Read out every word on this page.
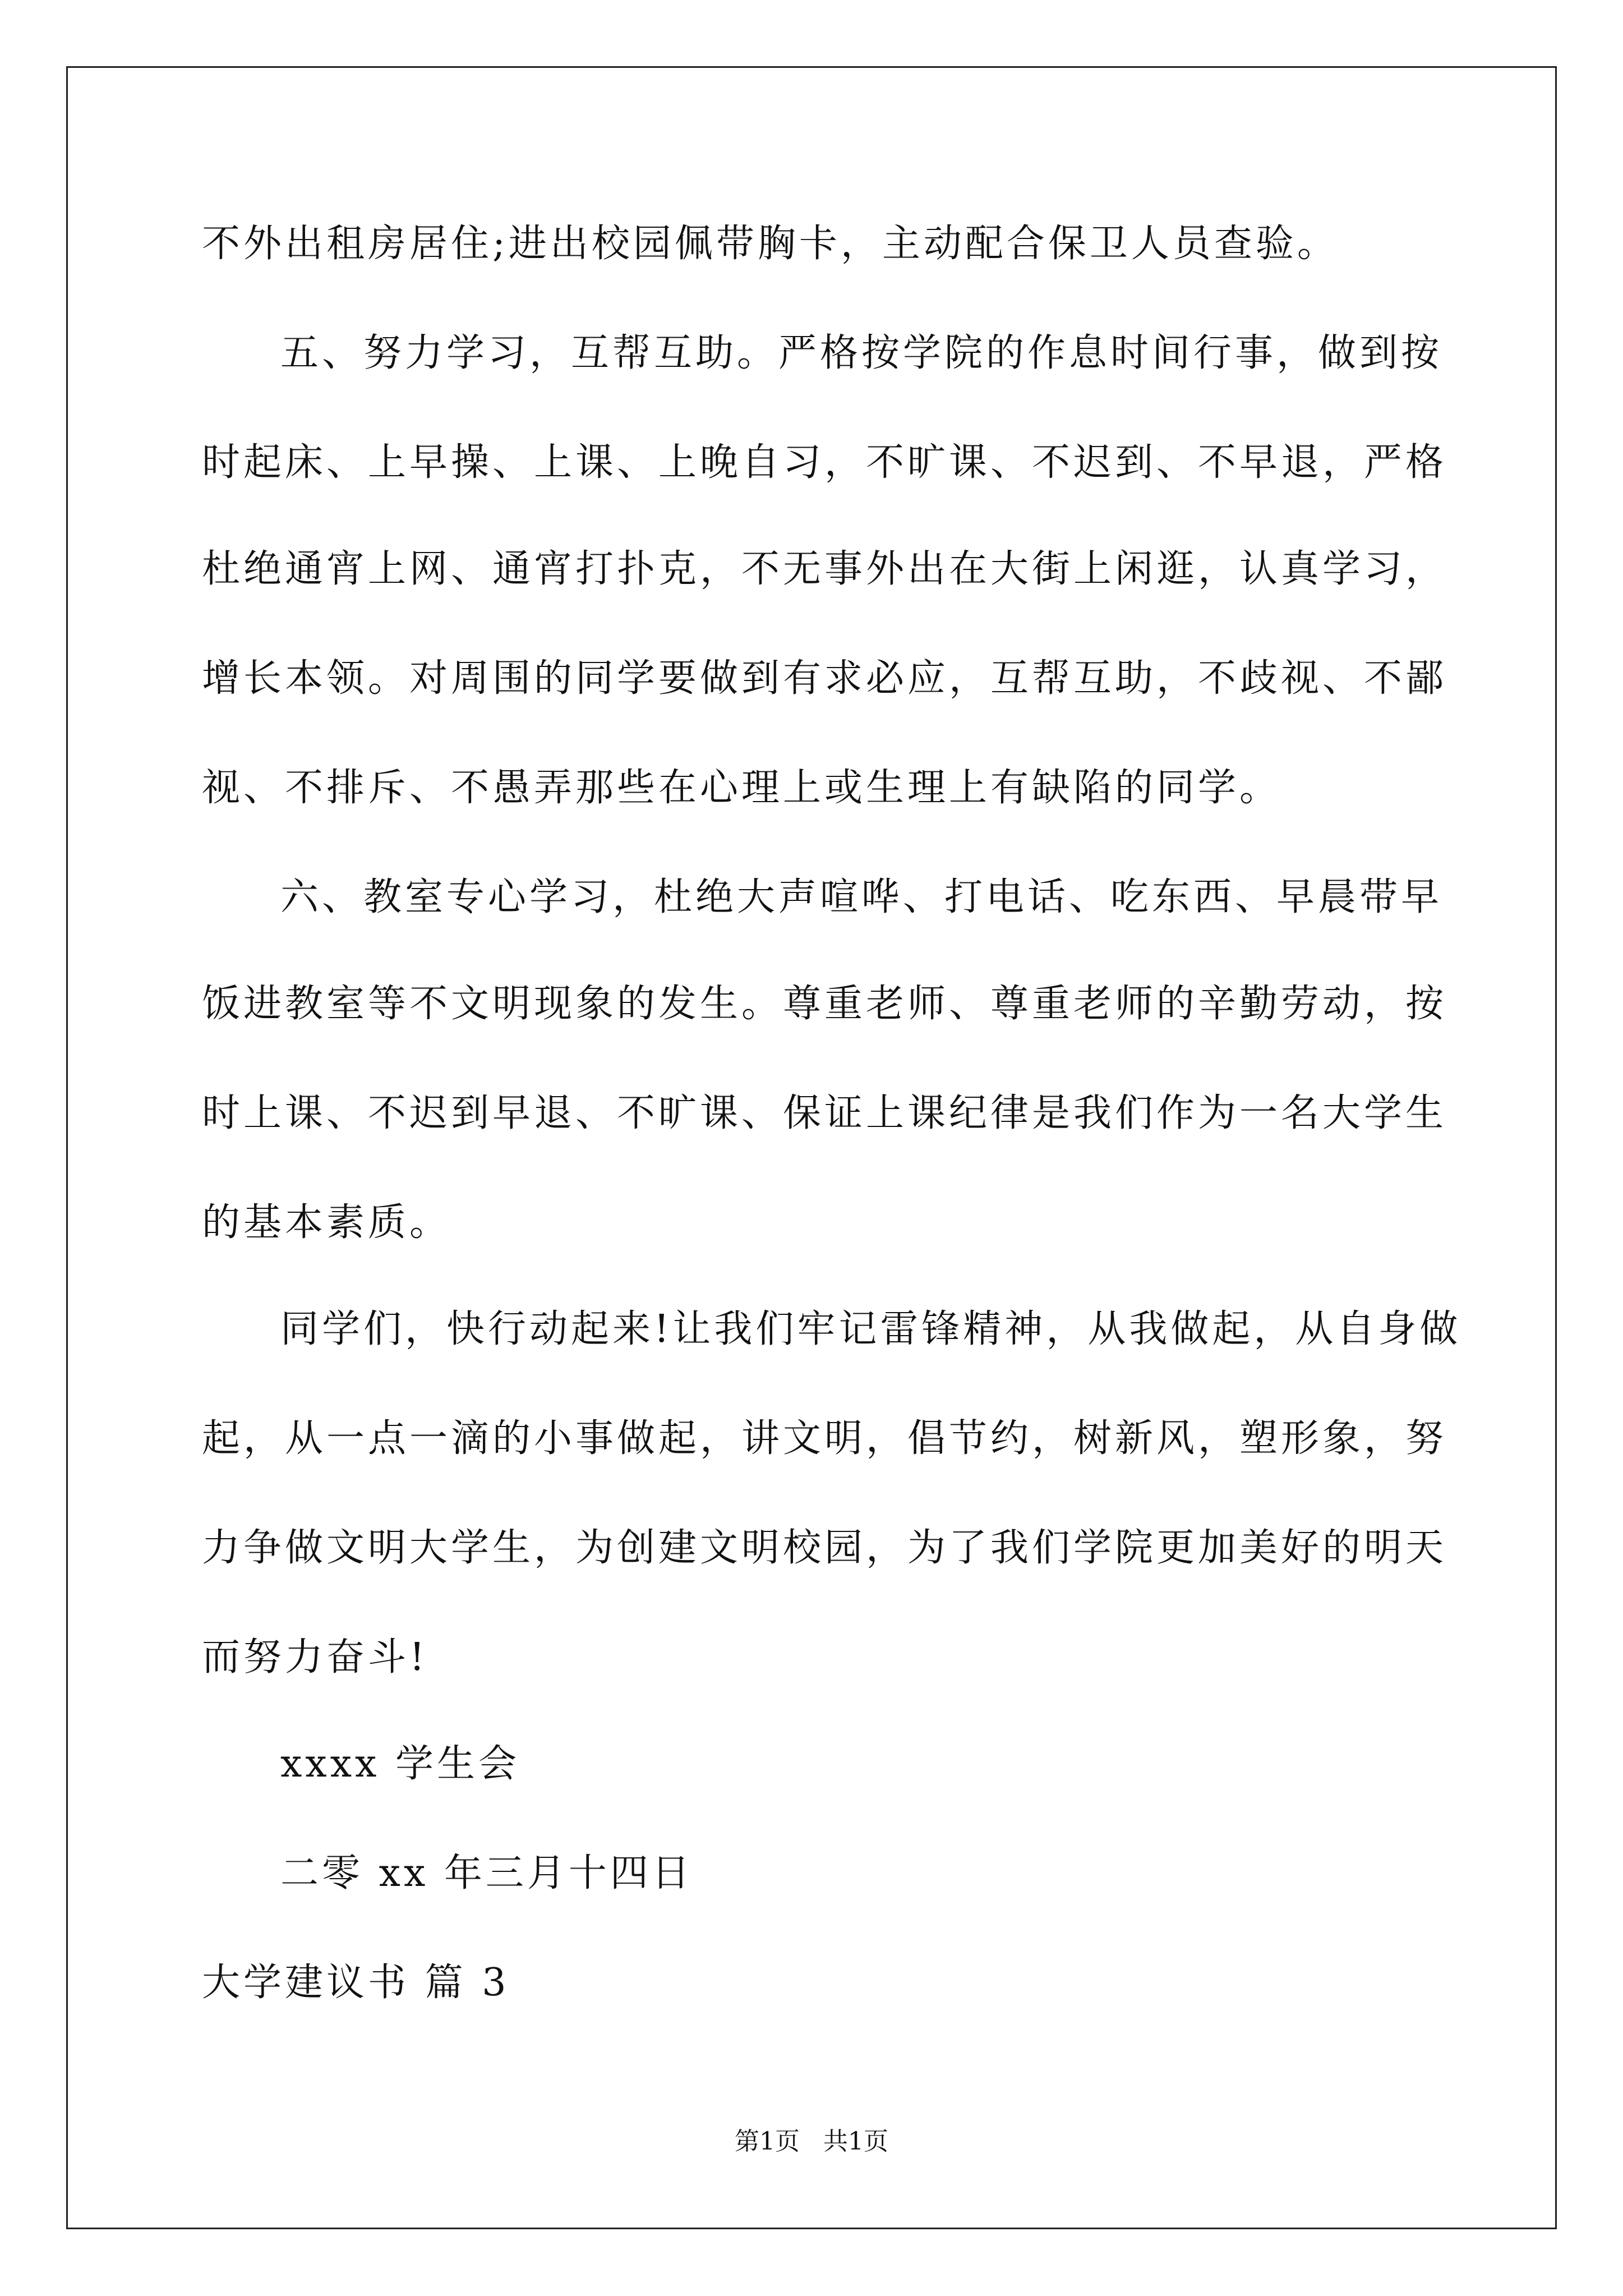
不外出租房居住;进出校园佩带胸卡，主动配合保卫人员查验。
五、努力学习，互帮互助。严格按学院的作息时间行事，做到按
时起床、上早操、上课、上晚自习，不旷课、不迟到、不早退，严格
杜绝通宵上网、通宵打扑克，不无事外出在大街上闲逛，认真学习，
增长本领。对周围的同学要做到有求必应，互帮互助，不歧视、不鄙
视、不排斥、不愚弄那些在心理上或生理上有缺陷的同学。
六、教室专心学习，杜绝大声喧哗、打电话、吃东西、早晨带早
饭进教室等不文明现象的发生。尊重老师、尊重老师的辛勤劳动，按
时上课、不迟到早退、不旷课、保证上课纪律是我们作为一名大学生
的基本素质。
同学们，快行动起来!让我们牢记雷锋精神，从我做起，从自身做
起，从一点一滴的小事做起，讲文明，倡节约，树新风，塑形象，努
力争做文明大学生，为创建文明校园，为了我们学院更加美好的明天
而努力奋斗!
xxxx 学生会
二零 xx 年三月十四日
大学建议书 篇 3
第1页   共1页
